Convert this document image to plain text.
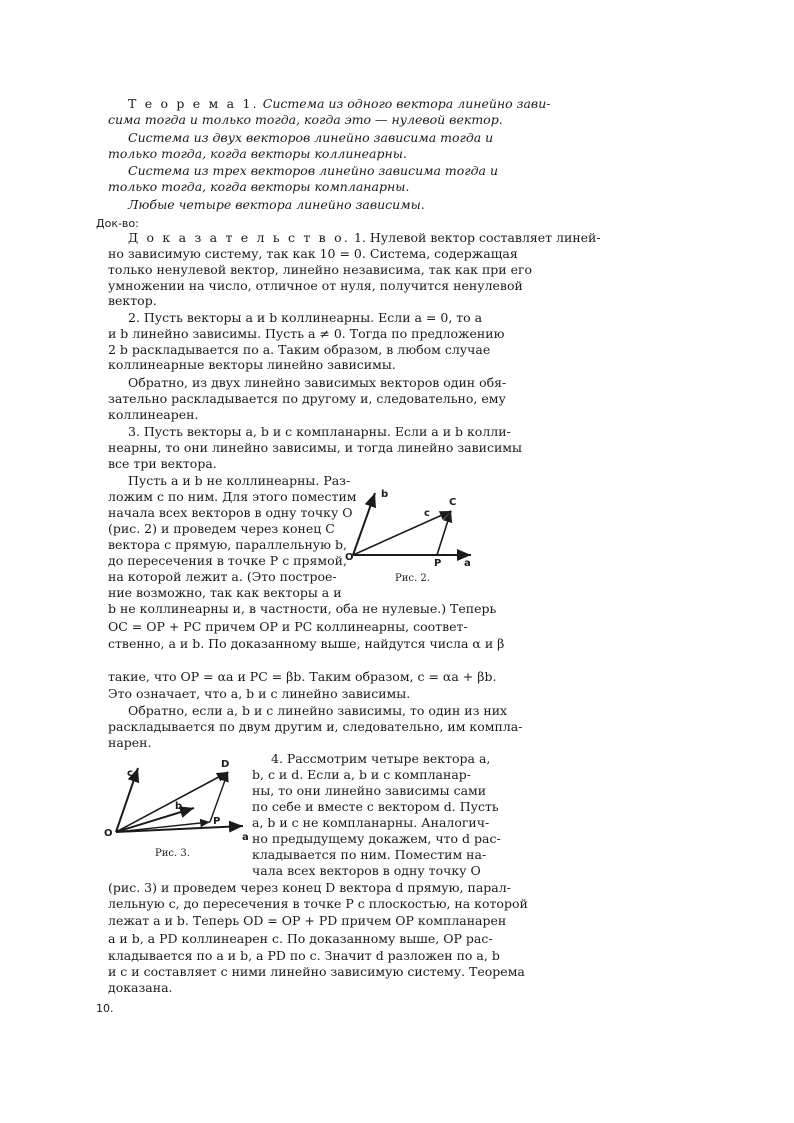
Т е о р е м а 1. Система из одного вектора линейно зави-
сима тогда и только тогда, когда это — нулевой вектор.
Система из двух векторов линейно зависима тогда и
только тогда, когда векторы коллинеарны.
Система из трех векторов линейно зависима тогда и
только тогда, когда векторы компланарны.
Любые четыре вектора линейно зависимы.
Док-во:
Д о к а з а т е л ь с т в о. 1. Нулевой вектор составляет линей-
но зависимую систему, так как 10 = 0. Система, содержащая
только ненулевой вектор, линейно независима, так как при его
умножении на число, отличное от нуля, получится ненулевой
вектор.
2. Пусть векторы a и b коллинеарны. Если a = 0, то a
и b линейно зависимы. Пусть a ≠ 0. Тогда по предложению
2 b раскладывается по a. Таким образом, в любом случае
коллинеарные векторы линейно зависимы.
Обратно, из двух линейно зависимых векторов один обя-
зательно раскладывается по другому и, следовательно, ему
коллинеарен.
3. Пусть векторы a, b и c компланарны. Если a и b колли-
неарны, то они линейно зависимы, и тогда линейно зависимы
все три вектора.
Пусть a и b не коллинеарны. Раз-
ложим c по ним. Для этого поместим
начала всех векторов в одну точку O
(рис. 2) и проведем через конец C
вектора c прямую, параллельную b,
до пересечения в точке P с прямой,
на которой лежит a. (Это построе-
ние возможно, так как векторы a и
b
c
C
O
P a
Рис. 2.
b не коллинеарны и, в частности, оба не нулевые.) Теперь
OC = OP + PC причем OP и PC коллинеарны, соответ-
ственно, a и b. По доказанному выше, найдутся числа α и β
такие, что OP = αa и PC = βb. Таким образом, c = αa + βb.
Это означает, что a, b и c линейно зависимы.
Обратно, если a, b и c линейно зависимы, то один из них
раскладывается по двум другим и, следовательно, им компла-
нарен.
c
D
b
P
O	a
Рис. 3.
4. Рассмотрим четыре вектора a,
b, c и d. Если a, b и c компланар-
ны, то они линейно зависимы сами
по себе и вместе с вектором d. Пусть
a, b и c не компланарны. Аналогич-
но предыдущему докажем, что d рас-
кладывается по ним. Поместим на-
чала всех векторов в одну точку O
(рис. 3) и проведем через конец D вектора d прямую, парал-
лельную c, до пересечения в точке P с плоскостью, на которой
лежат a и b. Теперь OD = OP + PD причем OP компланарен
a и b, а PD коллинеарен c. По доказанному выше, OP рас-
кладывается по a и b, а PD по c. Значит d разложен по a, b
и c и составляет с ними линейно зависимую систему. Теорема
доказана.
10.
